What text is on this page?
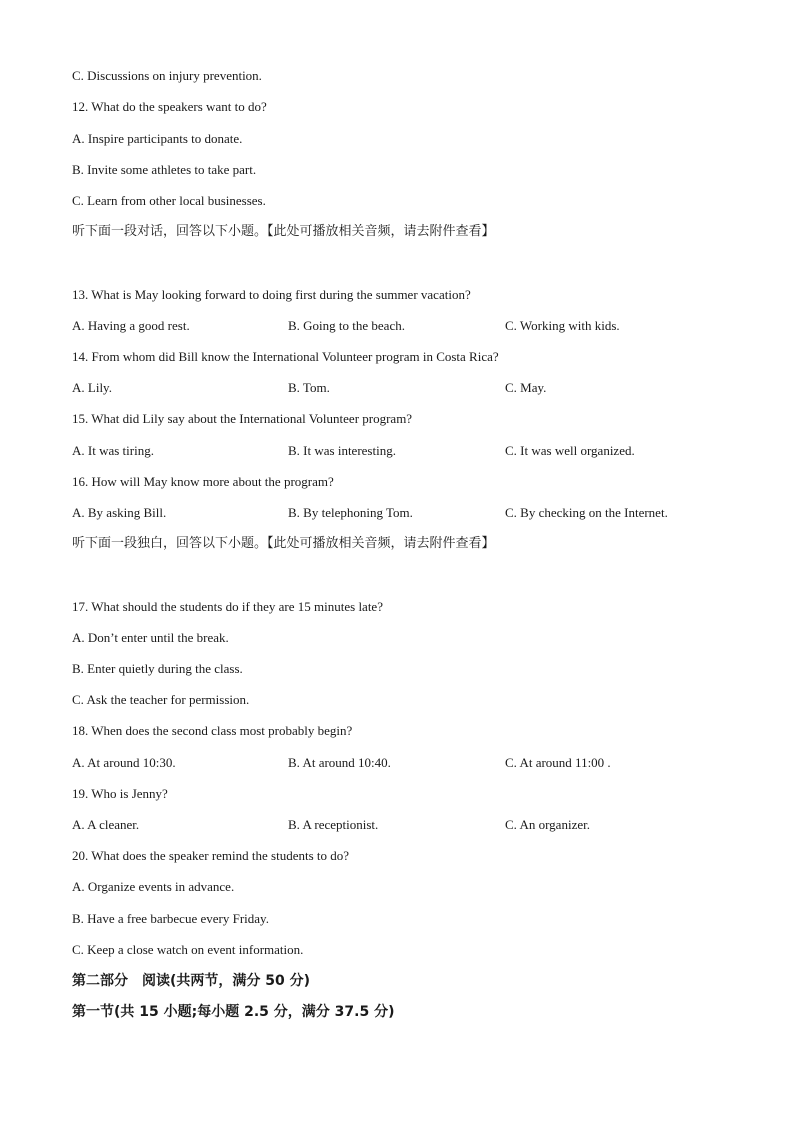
C. Discussions on injury prevention.
12. What do the speakers want to do?
A. Inspire participants to donate.
B. Invite some athletes to take part.
C. Learn from other local businesses.
听下面一段对话，回答以下小题。【此处可播放相关音频，请去附件查看】
13. What is May looking forward to doing first during the summer vacation?
A. Having a good rest.	B. Going to the beach.	C. Working with kids.
14. From whom did Bill know the International Volunteer program in Costa Rica?
A. Lily.	B. Tom.	C. May.
15. What did Lily say about the International Volunteer program?
A. It was tiring.	B. It was interesting.	C. It was well organized.
16. How will May know more about the program?
A. By asking Bill.	B. By telephoning Tom.	C. By checking on the Internet.
听下面一段独白，回答以下小题。【此处可播放相关音频，请去附件查看】
17. What should the students do if they are 15 minutes late?
A. Don’t enter until the break.
B. Enter quietly during the class.
C. Ask the teacher for permission.
18. When does the second class most probably begin?
A. At around 10:30.	B. At around 10:40.	C. At around 11:00 .
19. Who is Jenny?
A. A cleaner.	B. A receptionist.	C. An organizer.
20. What does the speaker remind the students to do?
A. Organize events in advance.
B. Have a free barbecue every Friday.
C. Keep a close watch on event information.
第二部分　阅读(共两节，满分 50 分)
第一节(共 15 小题;每小题 2.5 分，满分 37.5 分)
